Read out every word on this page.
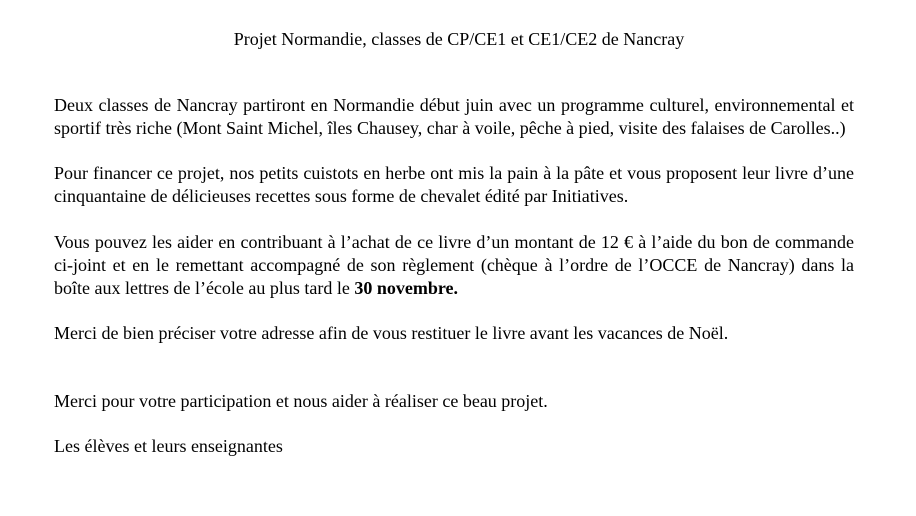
Projet Normandie, classes de CP/CE1 et CE1/CE2 de Nancray

Deux classes de Nancray partiront en Normandie début juin avec un programme culturel, environnemental et sportif très riche (Mont Saint Michel, îles Chausey, char à voile, pêche à pied, visite des falaises de Carolles..)

Pour financer ce projet, nos petits cuistots en herbe ont mis la pain à la pâte et vous proposent leur livre d’une cinquantaine de délicieuses recettes sous forme de chevalet édité par Initiatives.

Vous pouvez les aider en contribuant à l’achat de ce livre d’un montant de 12 € à l’aide du bon de commande ci-joint et en le remettant accompagné de son règlement (chèque à l’ordre de l’OCCE de Nancray) dans la boîte aux lettres de l’école au plus tard le 30 novembre.

Merci de bien préciser votre adresse afin de vous restituer le livre avant les vacances de Noël.

Merci pour votre participation et nous aider à réaliser ce beau projet.

Les élèves et leurs enseignantes
